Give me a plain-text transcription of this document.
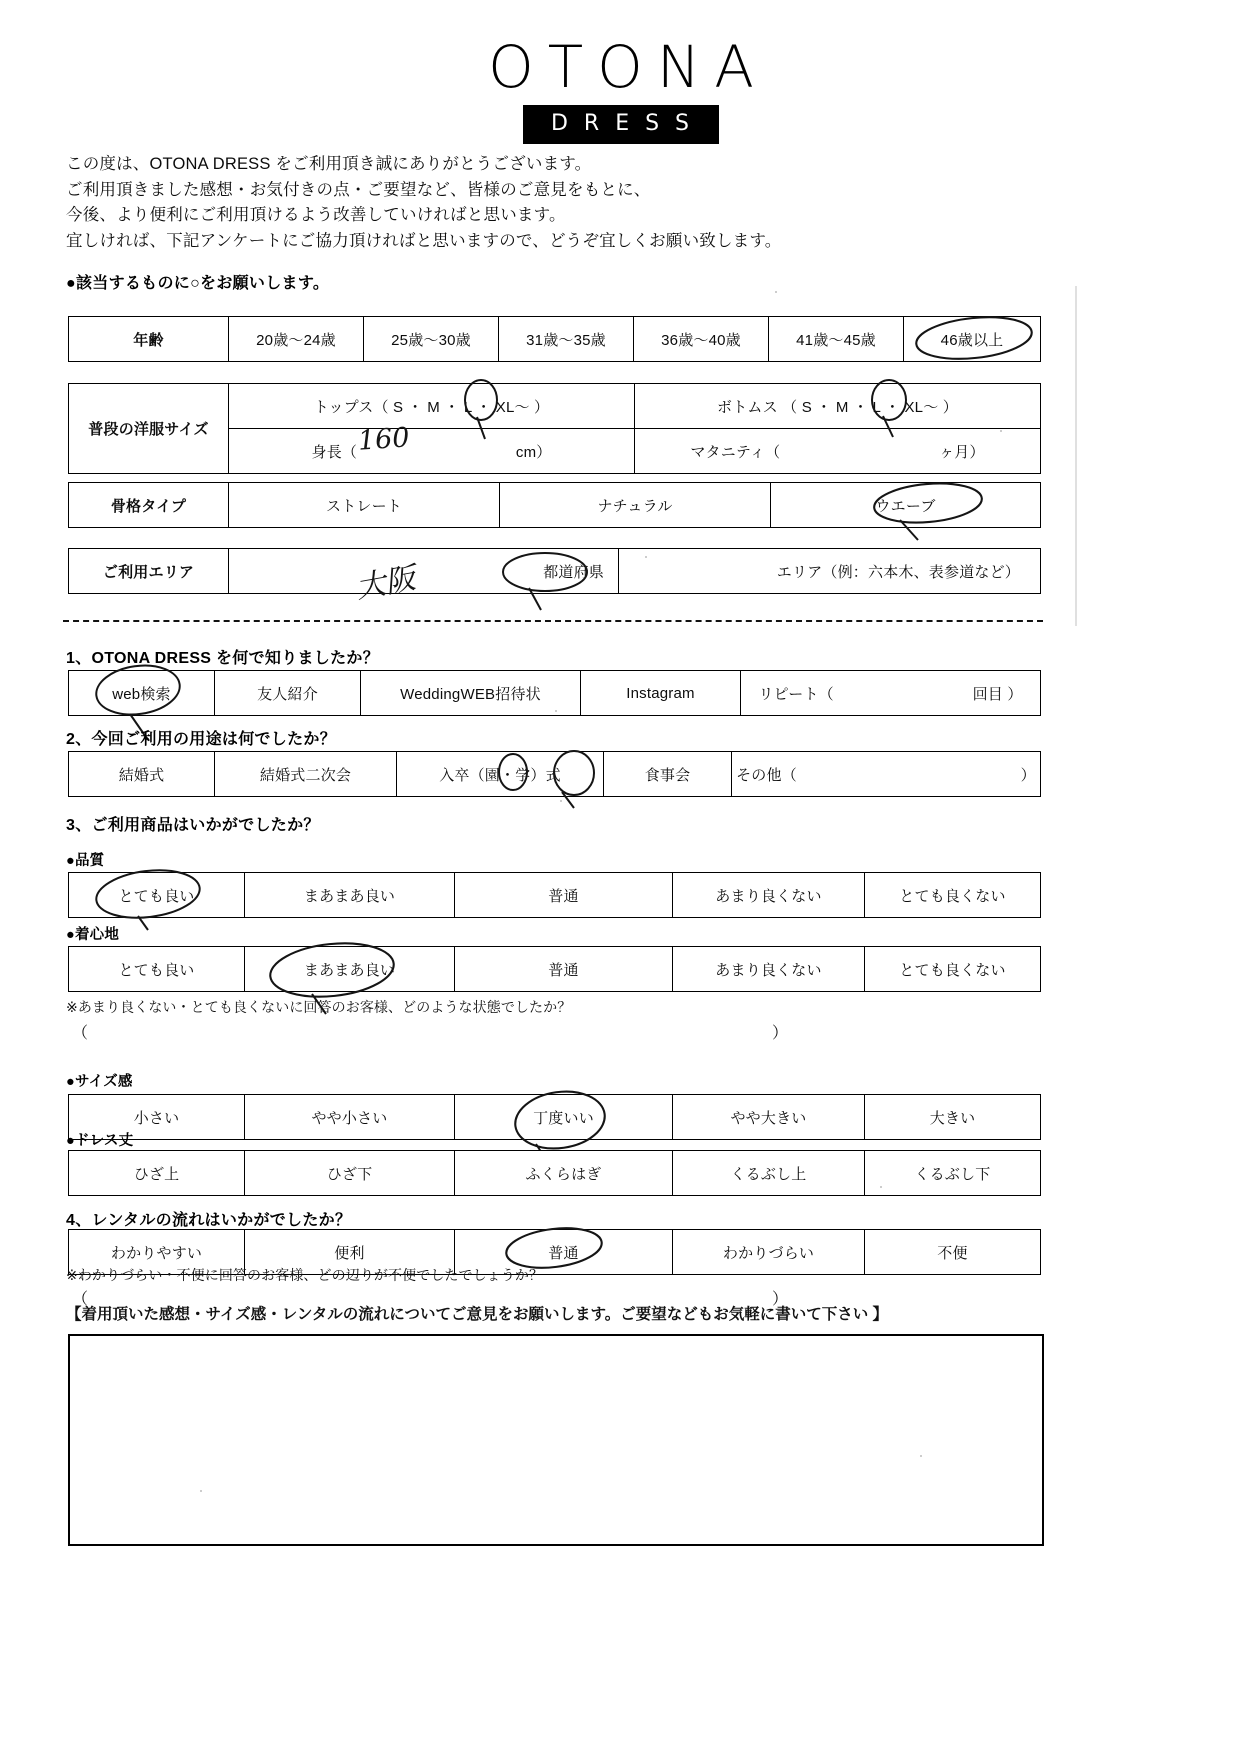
OTONA
DRESS
この度は、OTONA DRESS をご利用頂き誠にありがとうございます。
ご利用頂きました感想・お気付きの点・ご要望など、皆様のご意見をもとに、
今後、より便利にご利用頂けるよう改善していければと思います。
宜しければ、下記アンケートにご協力頂ければと思いますので、どうぞ宜しくお願い致します。
●該当するものに○をお願いします。
年齢	20歳～24歳	25歳～30歳	31歳～35歳	36歳～40歳	41歳～45歳	46歳以上
普段の洋服サイズ	トップス（ S ・ M ・ L ・ XL～ ）	ボトムス （ S ・ M ・ L ・ XL～ ）
	身長（ cm）	マタニティ（ ヶ月）
160
骨格タイプ	ストレート	ナチュラル	ウエーブ
ご利用エリア	都道府県	エリア（例：六本木、表参道など）
大阪
1、OTONA DRESS を何で知りましたか？
web検索	友人紹介	WeddingWEB招待状	Instagram	リピート（	回目 ）
2、今回ご利用の用途は何でしたか？
結婚式	結婚式二次会	入卒（園・学）式	食事会	その他（	）
3、ご利用商品はいかがでしたか？
●品質
とても良い	まあまあ良い	普通	あまり良くない	とても良くない
●着心地
とても良い	まあまあ良い	普通	あまり良くない	とても良くない
※あまり良くない・とても良くないに回答のお客様、どのような状態でしたか？
（	）
●サイズ感
小さい	やや小さい	丁度いい	やや大きい	大きい
●ドレス丈
ひざ上	ひざ下	ふくらはぎ	くるぶし上	くるぶし下
4、レンタルの流れはいかがでしたか？
わかりやすい	便利	普通	わかりづらい	不便
※わかりづらい・不便に回答のお客様、どの辺りが不便でしたでしょうか？
（	）
【着用頂いた感想・サイズ感・レンタルの流れについてご意見をお願いします。ご要望などもお気軽に書いて下さい 】
